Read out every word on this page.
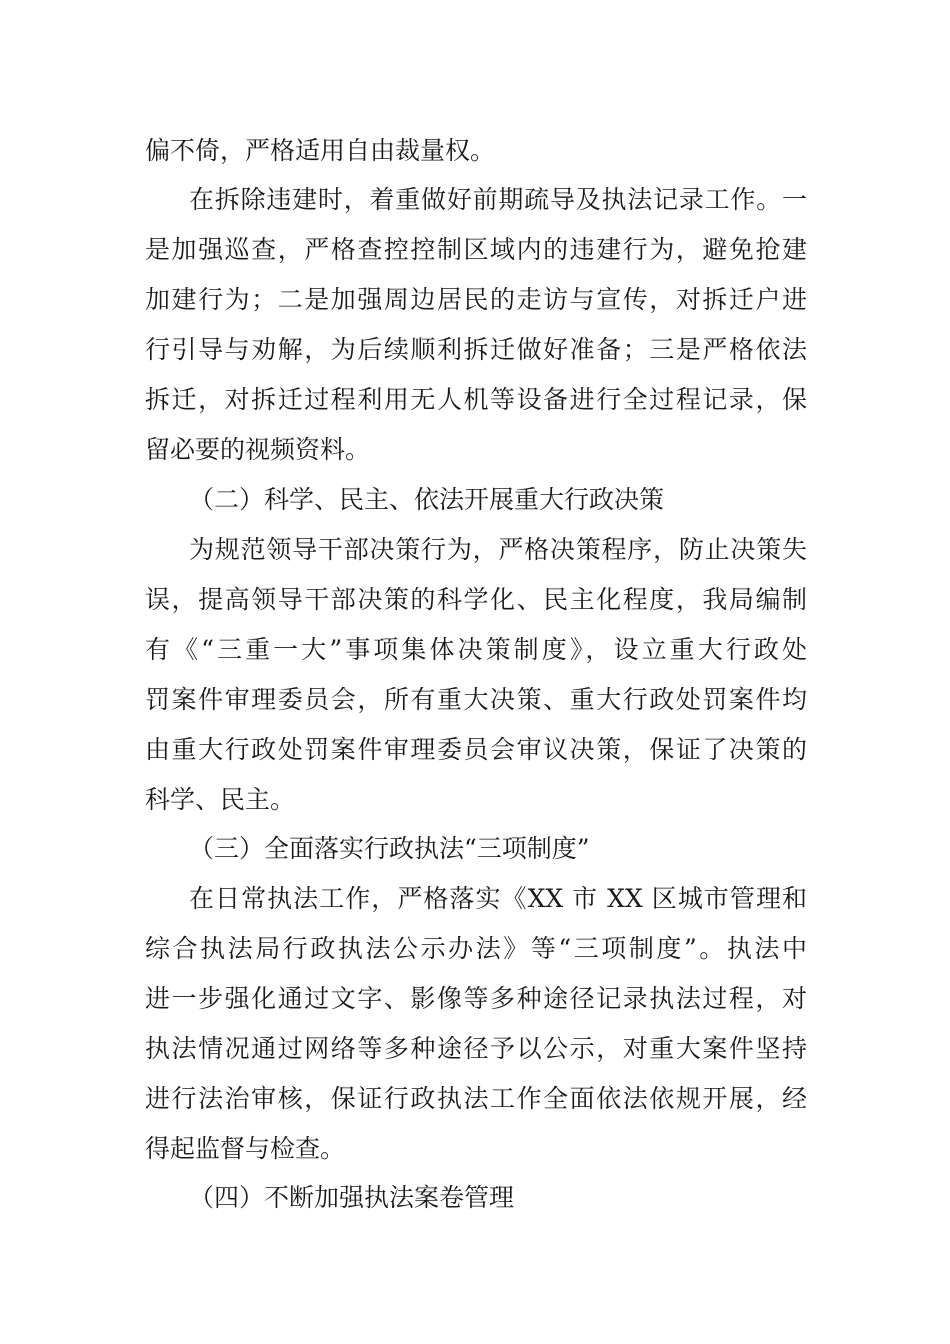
偏不倚，严格适用自由裁量权。
在拆除违建时，着重做好前期疏导及执法记录工作。一
是加强巡查，严格查控控制区域内的违建行为，避免抢建
加建行为；二是加强周边居民的走访与宣传，对拆迁户进
行引导与劝解，为后续顺利拆迁做好准备；三是严格依法
拆迁，对拆迁过程利用无人机等设备进行全过程记录，保
留必要的视频资料。
（二）科学、民主、依法开展重大行政决策
为规范领导干部决策行为，严格决策程序，防止决策失
误，提高领导干部决策的科学化、民主化程度，我局编制
有《“三重一大”事项集体决策制度》，设立重大行政处
罚案件审理委员会，所有重大决策、重大行政处罚案件均
由重大行政处罚案件审理委员会审议决策，保证了决策的
科学、民主。
（三）全面落实行政执法“三项制度”
在日常执法工作，严格落实《XX 市 XX 区城市管理和
综合执法局行政执法公示办法》等“三项制度”。执法中
进一步强化通过文字、影像等多种途径记录执法过程，对
执法情况通过网络等多种途径予以公示，对重大案件坚持
进行法治审核，保证行政执法工作全面依法依规开展，经
得起监督与检查。
（四）不断加强执法案卷管理
